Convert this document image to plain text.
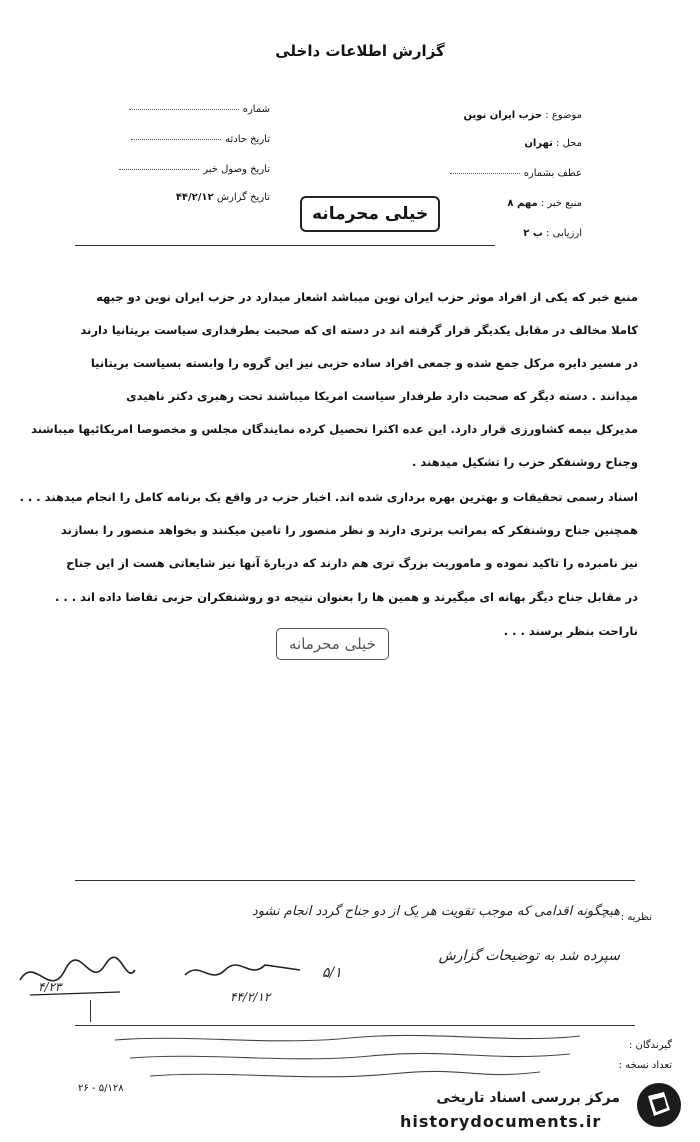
گزارش اطلاعات داخلی
موضوع : حزب ایران نوین
محل : تهران
عطف بشماره
منبع خبر : مهم ۸
ارزیابی : ب ۲
شماره
تاریخ حادثه
تاریخ وصول خبر
تاریخ گزارش ۴۴/۲/۱۲
خیلی محرمانه
منبع خبر که یکی از افراد موثر حزب ایران نوین میباشد اشعار میدارد در حزب ایران نوین دو جبهه
کاملا مخالف در مقابل یکدیگر قرار گرفته اند در دسته ای که صحبت بطرفداری سیاست بریتانیا دارند
در مسیر دایره مرکل جمع شده و جمعی افراد ساده حزبی نیز این گروه را وابسته بسیاست بریتانیا
میدانند . دسته دیگر که صحبت دارد طرفدار سیاست امریکا میباشند تحت رهبری دکتر ناهیدی
مدیرکل بیمه کشاورزی قرار دارد. این عده اکثرا تحصیل کرده نمایندگان مجلس و مخصوصا امریکائیها میباشند
وجناح روشنفکر حزب را تشکیل میدهند .
اسناد رسمی تحقیقات و بهترین بهره برداری شده اند. اخبار حزب در واقع یک برنامه کامل را انجام میدهند . . .
همچنین جناح روشنفکر که بمراتب برتری دارند و نظر منصور را تامین میکنند و بخواهد منصور را بسازند
نیز نامبرده را تاکید نموده و ماموریت بزرگ تری هم دارند که دربارهٔ آنها نیز شایعاتی هست از این جناح
در مقابل جناح دیگر بهانه ای میگیرند و همین ها را بعنوان نتیجه دو روشنفکران حزبی تقاضا داده اند . . .
ناراحت بنظر برسند . . .
خیلی محرمانه
نظریه :
هیچگونه اقدامی که موجب تقویت هر یک از دو جناح گردد انجام نشود
سپرده شد به توضیحات گزارش
۵/۱
۴۴/۲/۱۲
۴/۲۳
گیرندگان :
تعداد نسخه :
۲۶ - ۵/۱۲۸
مرکز بررسی اسناد تاریخی
historydocuments.ir
